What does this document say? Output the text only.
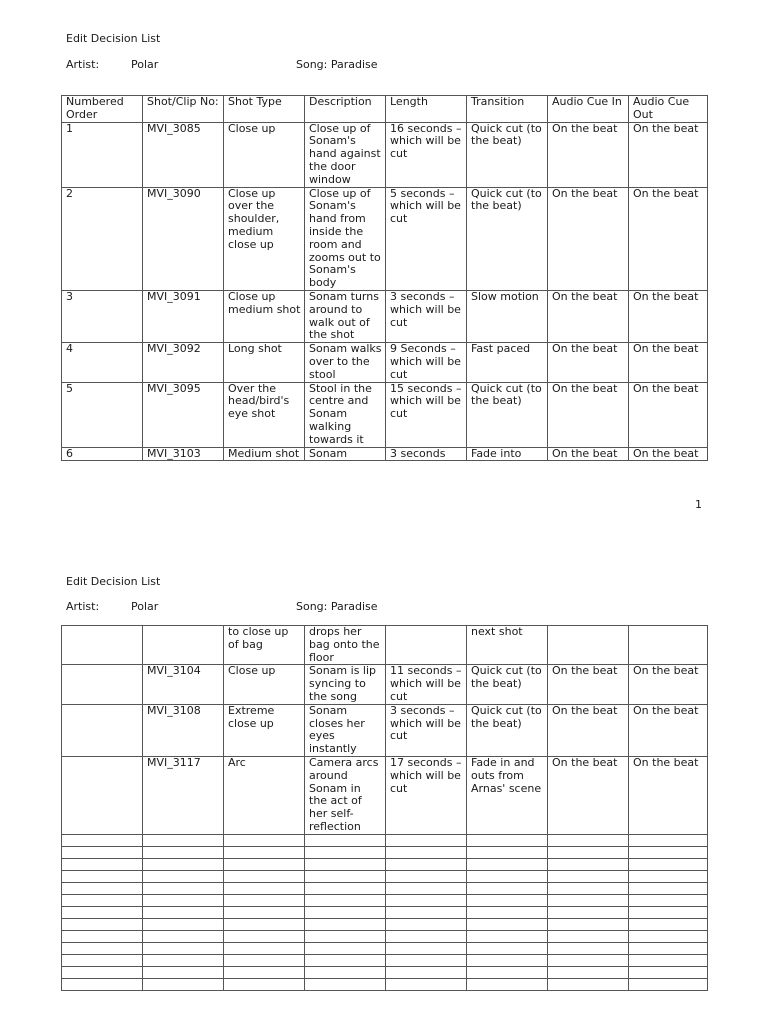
Edit Decision List
Artist:	Polar	Song: Paradise
Numbered Order	Shot/Clip No:	Shot Type	Description	Length	Transition	Audio Cue In	Audio Cue Out
1	MVI_3085	Close up	Close up of Sonam's hand against the door window	16 seconds – which will be cut	Quick cut (to the beat)	On the beat	On the beat
2	MVI_3090	Close up over the shoulder, medium close up	Close up of Sonam's hand from inside the room and zooms out to Sonam's body	5 seconds – which will be cut	Quick cut (to the beat)	On the beat	On the beat
3	MVI_3091	Close up medium shot	Sonam turns around to walk out of the shot	3 seconds – which will be cut	Slow motion	On the beat	On the beat
4	MVI_3092	Long shot	Sonam walks over to the stool	9 Seconds – which will be cut	Fast paced	On the beat	On the beat
5	MVI_3095	Over the head/bird's eye shot	Stool in the centre and Sonam walking towards it	15 seconds – which will be cut	Quick cut (to the beat)	On the beat	On the beat
6	MVI_3103	Medium shot	Sonam	3 seconds	Fade into	On the beat	On the beat
1
Edit Decision List
Artist:	Polar	Song: Paradise
		to close up of bag	drops her bag onto the floor		next shot		
	MVI_3104	Close up	Sonam is lip syncing to the song	11 seconds – which will be cut	Quick cut (to the beat)	On the beat	On the beat
	MVI_3108	Extreme close up	Sonam closes her eyes instantly	3 seconds – which will be cut	Quick cut (to the beat)	On the beat	On the beat
	MVI_3117	Arc	Camera arcs around Sonam in the act of her self-reflection	17 seconds – which will be cut	Fade in and outs from Arnas' scene	On the beat	On the beat
